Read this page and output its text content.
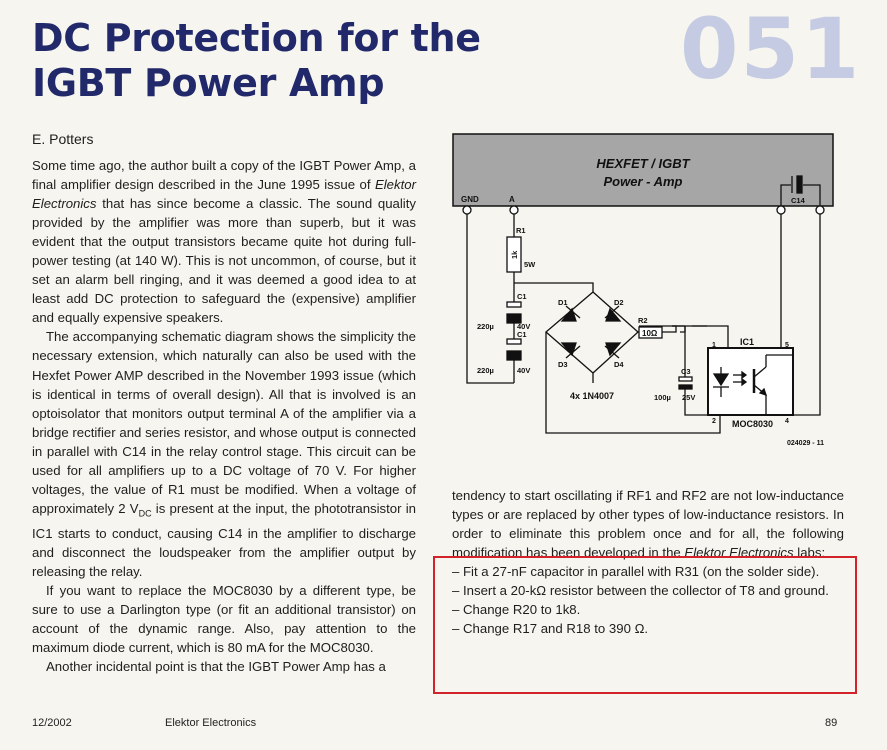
DC Protection for the
IGBT Power Amp	051
E. Potters

Some time ago, the author built a copy of the IGBT Power Amp, a final amplifier design described in the June 1995 issue of Elektor Electronics that has since become a classic. The sound quality provided by the amplifier was more than superb, but it was evident that the output transistors became quite hot during full-power testing (at 140 W). This is not uncommon, of course, but it set an alarm bell ringing, and it was deemed a good idea to at least add DC protection to safeguard the (expensive) amplifier and equally expensive speakers.

The accompanying schematic diagram shows the simplicity the necessary extension, which naturally can also be used with the Hexfet Power AMP described in the November 1993 issue (which is identical in terms of overall design). All that is involved is an optoisolator that monitors output terminal A of the amplifier via a bridge rectifier and series resistor, and whose output is connected in parallel with C14 in the relay control stage. This circuit can be used for all amplifiers up to a DC voltage of 70 V. For higher voltages, the value of R1 must be modified. When a voltage of approximately 2 $V_{DC}$ is present at the input, the phototransistor in IC1 starts to conduct, causing C14 in the amplifier to discharge and disconnect the loudspeaker from the amplifier output by releasing the relay.

If you want to replace the MOC8030 by a different type, be sure to use a Darlington type (or fit an additional transistor) on account of the dynamic range. Also, pay attention to the maximum diode current, which is 80 mA for the MOC8030.

Another incidental point is that the IGBT Power Amp has a

HEXFET / IGBT
Power - Amp
GND	A	C14
R1
1k
5W
C1
220µ	40V
C1
220µ	40V
D1	D2
D3	D4
4x 1N4007
R2
10Ω
C3
100µ 25V
IC1
MOC8030
1
2	4
5
024029 - 11

tendency to start oscillating if RF1 and RF2 are not low-inductance types or are replaced by other types of low-inductance resistors. In order to eliminate this problem once and for all, the following modification has been developed in the Elektor Electronics labs:

– Fit a 27-nF capacitor in parallel with R31 (on the solder side).
– Insert a 20-kΩ resistor between the collector of T8 and ground.
– Change R20 to 1k8.
– Change R17 and R18 to 390 Ω.
12/2002	Elektor Electronics	89
